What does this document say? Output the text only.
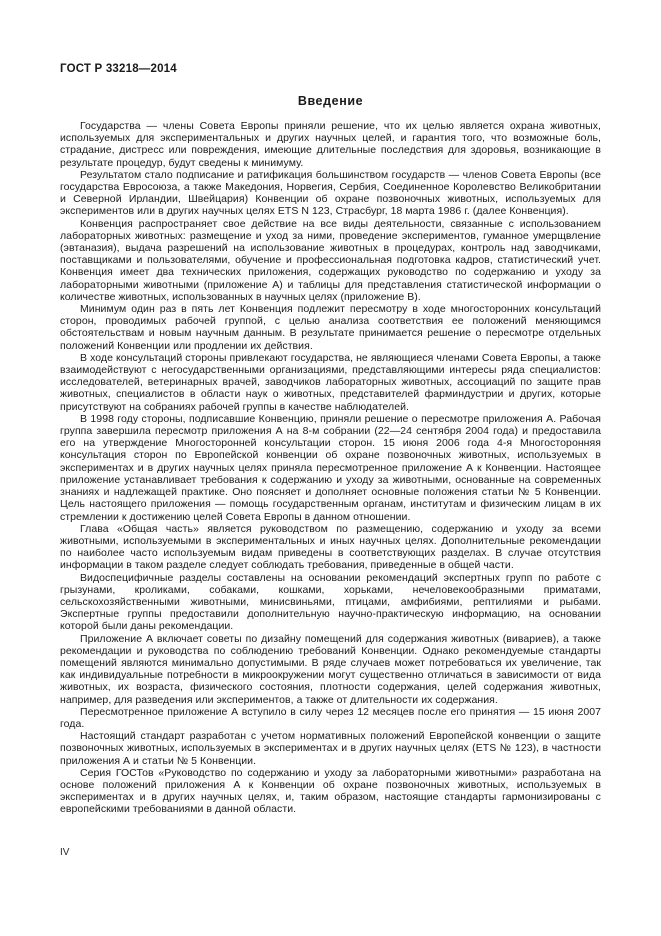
ГОСТ Р 33218—2014
Введение

Государства — члены Совета Европы приняли решение, что их целью является охрана животных, используемых для экспериментальных и других научных целей, и гарантия того, что возможные боль, страдание, дистресс или повреждения, имеющие длительные последствия для здоровья, возникающие в результате процедур, будут сведены к минимуму.

Результатом стало подписание и ратификация большинством государств — членов Совета Европы (все государства Евросоюза, а также Македония, Норвегия, Сербия, Соединенное Королевство Великобритании и Северной Ирландии, Швейцария) Конвенции об охране позвоночных животных, используемых для экспериментов или в других научных целях ETS N 123, Страсбург, 18 марта 1986 г. (далее Конвенция).

Конвенция распространяет свое действие на все виды деятельности, связанные с использованием лабораторных животных: размещение и уход за ними, проведение экспериментов, гуманное умерщвление (эвтаназия), выдача разрешений на использование животных в процедурах, контроль над заводчиками, поставщиками и пользователями, обучение и профессиональная подготовка кадров, статистический учет. Конвенция имеет два технических приложения, содержащих руководство по содержанию и уходу за лабораторными животными (приложение А) и таблицы для представления статистической информации о количестве животных, использованных в научных целях (приложение В).

Минимум один раз в пять лет Конвенция подлежит пересмотру в ходе многосторонних консультаций сторон, проводимых рабочей группой, с целью анализа соответствия ее положений меняющимся обстоятельствам и новым научным данным. В результате принимается решение о пересмотре отдельных положений Конвенции или продлении их действия.

В ходе консультаций стороны привлекают государства, не являющиеся членами Совета Европы, а также взаимодействуют с негосударственными организациями, представляющими интересы ряда специалистов: исследователей, ветеринарных врачей, заводчиков лабораторных животных, ассоциаций по защите прав животных, специалистов в области наук о животных, представителей фарминдустрии и других, которые присутствуют на собраниях рабочей группы в качестве наблюдателей.

В 1998 году стороны, подписавшие Конвенцию, приняли решение о пересмотре приложения А. Рабочая группа завершила пересмотр приложения А на 8-м собрании (22—24 сентября 2004 года) и предоставила его на утверждение Многосторонней консультации сторон. 15 июня 2006 года 4-я Многосторонняя консультация сторон по Европейской конвенции об охране позвоночных животных, используемых в экспериментах и в других научных целях приняла пересмотренное приложение А к Конвенции. Настоящее приложение устанавливает требования к содержанию и уходу за животными, основанные на современных знаниях и надлежащей практике. Оно поясняет и дополняет основные положения статьи № 5 Конвенции. Цель настоящего приложения — помощь государственным органам, институтам и физическим лицам в их стремлении к достижению целей Совета Европы в данном отношении.

Глава «Общая часть» является руководством по размещению, содержанию и уходу за всеми животными, используемыми в экспериментальных и иных научных целях. Дополнительные рекомендации по наиболее часто используемым видам приведены в соответствующих разделах. В случае отсутствия информации в таком разделе следует соблюдать требования, приведенные в общей части.

Видоспецифичные разделы составлены на основании рекомендаций экспертных групп по работе с грызунами, кроликами, собаками, кошками, хорьками, нечеловекообразными приматами, сельскохозяйственными животными, минисвиньями, птицами, амфибиями, рептилиями и рыбами. Экспертные группы предоставили дополнительную научно-практическую информацию, на основании которой были даны рекомендации.

Приложение А включает советы по дизайну помещений для содержания животных (вивариев), а также рекомендации и руководства по соблюдению требований Конвенции. Однако рекомендуемые стандарты помещений являются минимально допустимыми. В ряде случаев может потребоваться их увеличение, так как индивидуальные потребности в микроокружении могут существенно отличаться в зависимости от вида животных, их возраста, физического состояния, плотности содержания, целей содержания животных, например, для разведения или экспериментов, а также от длительности их содержания.

Пересмотренное приложение А вступило в силу через 12 месяцев после его принятия — 15 июня 2007 года.

Настоящий стандарт разработан с учетом нормативных положений Европейской конвенции о защите позвоночных животных, используемых в экспериментах и в других научных целях (ETS № 123), в частности приложения А и статьи № 5 Конвенции.

Серия ГОСТов «Руководство по содержанию и уходу за лабораторными животными» разработана на основе положений приложения А к Конвенции об охране позвоночных животных, используемых в экспериментах и в других научных целях, и, таким образом, настоящие стандарты гармонизированы с европейскими требованиями в данной области.

IV
